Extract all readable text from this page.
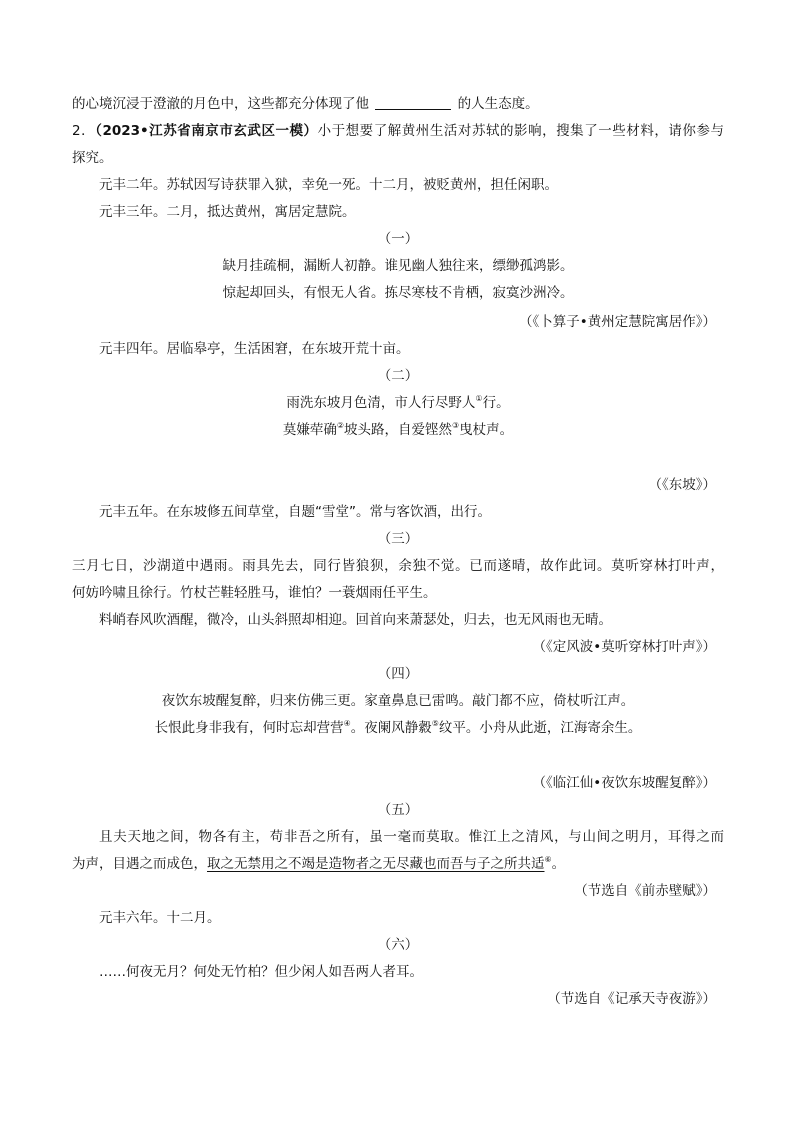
的心境沉浸于澄澈的月色中，这些都充分体现了他	的人生态度。
2．（2023•江苏省南京市玄武区一模）小于想要了解黄州生活对苏轼的影响，搜集了一些材料，请你参与
探究。
元丰二年。苏轼因写诗获罪入狱，幸免一死。十二月，被贬黄州，担任闲职。
元丰三年。二月，抵达黄州，寓居定慧院。
（一）
缺月挂疏桐，漏断人初静。谁见幽人独往来，缥缈孤鸿影。
惊起却回头，有恨无人省。拣尽寒枝不肯栖，寂寞沙洲冷。
（《卜算子•黄州定慧院寓居作》）
元丰四年。居临皋亭，生活困窘，在东坡开荒十亩。
（二）
雨洗东坡月色清，市人行尽野人①行。
莫嫌荦确②坡头路，自爱铿然③曳杖声。
（《东坡》）
元丰五年。在东坡修五间草堂，自题“雪堂”。常与客饮酒，出行。
（三）
三月七日，沙湖道中遇雨。雨具先去，同行皆狼狈，余独不觉。已而遂晴，故作此词。莫听穿林打叶声，
何妨吟啸且徐行。竹杖芒鞋轻胜马，谁怕？一蓑烟雨任平生。
料峭春风吹酒醒，微冷，山头斜照却相迎。回首向来萧瑟处，归去，也无风雨也无晴。
（《定风波•莫听穿林打叶声》）
（四）
夜饮东坡醒复醉，归来仿佛三更。家童鼻息已雷鸣。敲门都不应，倚杖听江声。
长恨此身非我有，何时忘却营营④。夜阑风静縠⑤纹平。小舟从此逝，江海寄余生。
（《临江仙•夜饮东坡醒复醉》）
（五）
且夫天地之间，物各有主，苟非吾之所有，虽一毫而莫取。惟江上之清风，与山间之明月，耳得之而
为声，目遇之而成色，取之无禁用之不竭是造物者之无尽藏也而吾与子之所共适⑥。
（节选自《前赤壁赋》）
元丰六年。十二月。
（六）
……何夜无月？何处无竹柏？但少闲人如吾两人者耳。
（节选自《记承天寺夜游》）
